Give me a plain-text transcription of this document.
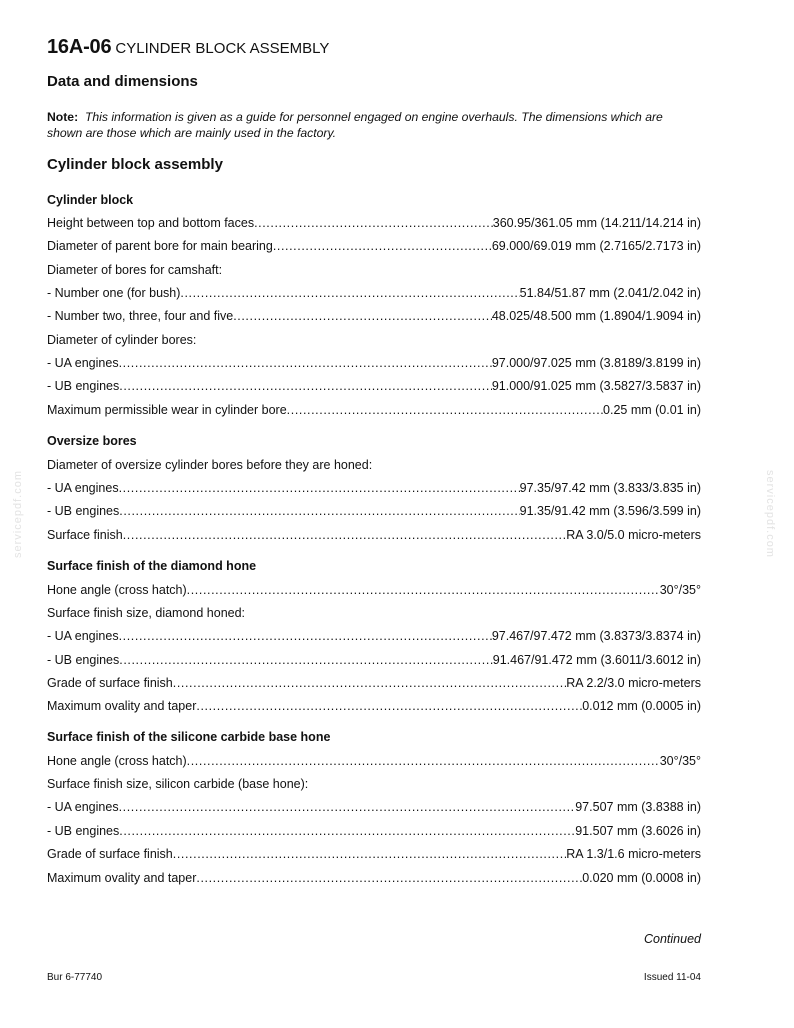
servicepdf.com	servicepdf.com
16A-06 CYLINDER BLOCK ASSEMBLY
Data and dimensions
Note: This information is given as a guide for personnel engaged on engine overhauls. The dimensions which are shown are those which are mainly used in the factory.
Cylinder block assembly
Cylinder block
Height between top and bottom faces .....	360.95/361.05 mm (14.211/14.214 in)
Diameter of parent bore for main bearing .....	69.000/69.019 mm (2.7165/2.7173 in)
Diameter of bores for camshaft:
- Number one (for bush) .....	51.84/51.87 mm (2.041/2.042 in)
- Number two, three, four and five .....	48.025/48.500 mm (1.8904/1.9094 in)
Diameter of cylinder bores:
- UA engines .....	97.000/97.025 mm (3.8189/3.8199 in)
- UB engines .....	91.000/91.025 mm (3.5827/3.5837 in)
Maximum permissible wear in cylinder bore .....	0.25 mm (0.01 in)
Oversize bores
Diameter of oversize cylinder bores before they are honed:
- UA engines .....	97.35/97.42 mm (3.833/3.835 in)
- UB engines .....	91.35/91.42 mm (3.596/3.599 in)
Surface finish .....	RA 3.0/5.0 micro-meters
Surface finish of the diamond hone
Hone angle (cross hatch) .....	30°/35°
Surface finish size, diamond honed:
- UA engines .....	97.467/97.472 mm (3.8373/3.8374 in)
- UB engines .....	91.467/91.472 mm (3.6011/3.6012 in)
Grade of surface finish .....	RA 2.2/3.0 micro-meters
Maximum ovality and taper .....	0.012 mm (0.0005 in)
Surface finish of the silicone carbide base hone
Hone angle (cross hatch) .....	30°/35°
Surface finish size, silicon carbide (base hone):
- UA engines .....	97.507 mm (3.8388 in)
- UB engines .....	91.507 mm (3.6026 in)
Grade of surface finish .....	RA 1.3/1.6 micro-meters
Maximum ovality and taper .....	0.020 mm (0.0008 in)
Continued
Bur 6-77740	Issued 11-04
